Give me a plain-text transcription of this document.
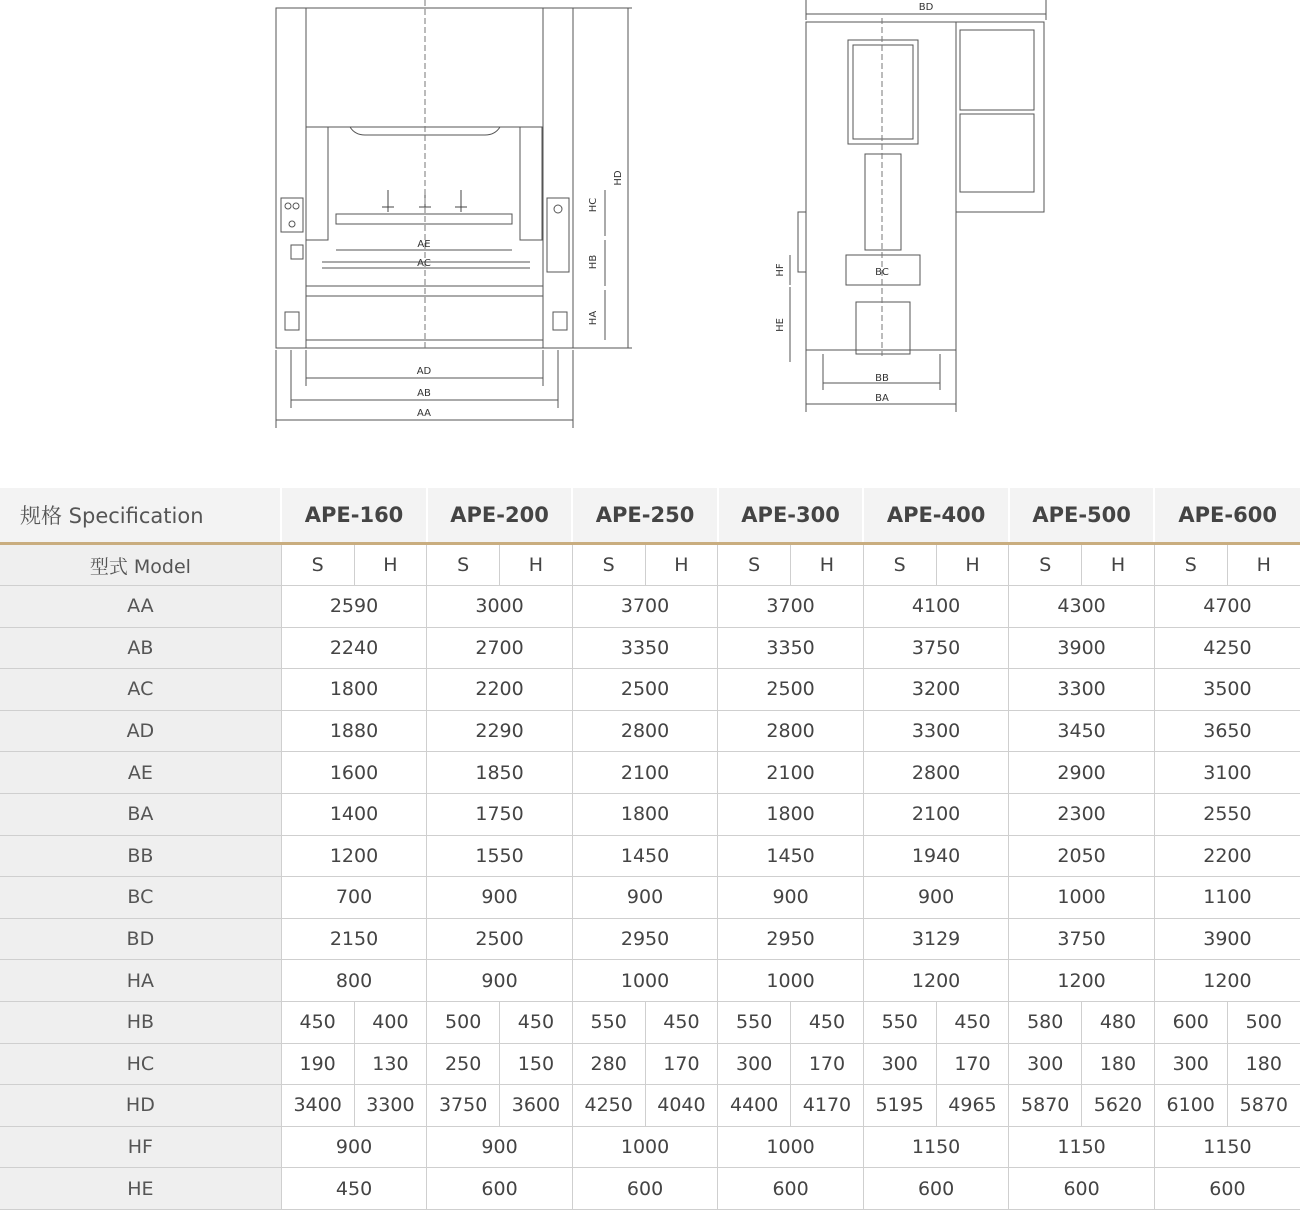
AA
AB
AD
AE
AC
HA
HB
HC
HD
BD
BC
BB
BA
HF
HE
规格 Specification	APE-160		APE-200		APE-250		APE-300		APE-400		APE-500		APE-600	
型式 Model	S	H	S	H	S	H	S	H	S	H	S	H	S	H
AA	2590		3000		3700		3700		4100		4300		4700	
AB	2240		2700		3350		3350		3750		3900		4250	
AC	1800		2200		2500		2500		3200		3300		3500	
AD	1880		2290		2800		2800		3300		3450		3650	
AE	1600		1850		2100		2100		2800		2900		3100	
BA	1400		1750		1800		1800		2100		2300		2550	
BB	1200		1550		1450		1450		1940		2050		2200	
BC	700		900		900		900		900		1000		1100	
BD	2150		2500		2950		2950		3129		3750		3900	
HA	800		900		1000		1000		1200		1200		1200	
HB	450	400	500	450	550	450	550	450	550	450	580	480	600	500
HC	190	130	250	150	280	170	300	170	300	170	300	180	300	180
HD	3400	3300	3750	3600	4250	4040	4400	4170	5195	4965	5870	5620	6100	5870
HF	900		900		1000		1000		1150		1150		1150	
HE	450		600		600		600		600		600		600	
